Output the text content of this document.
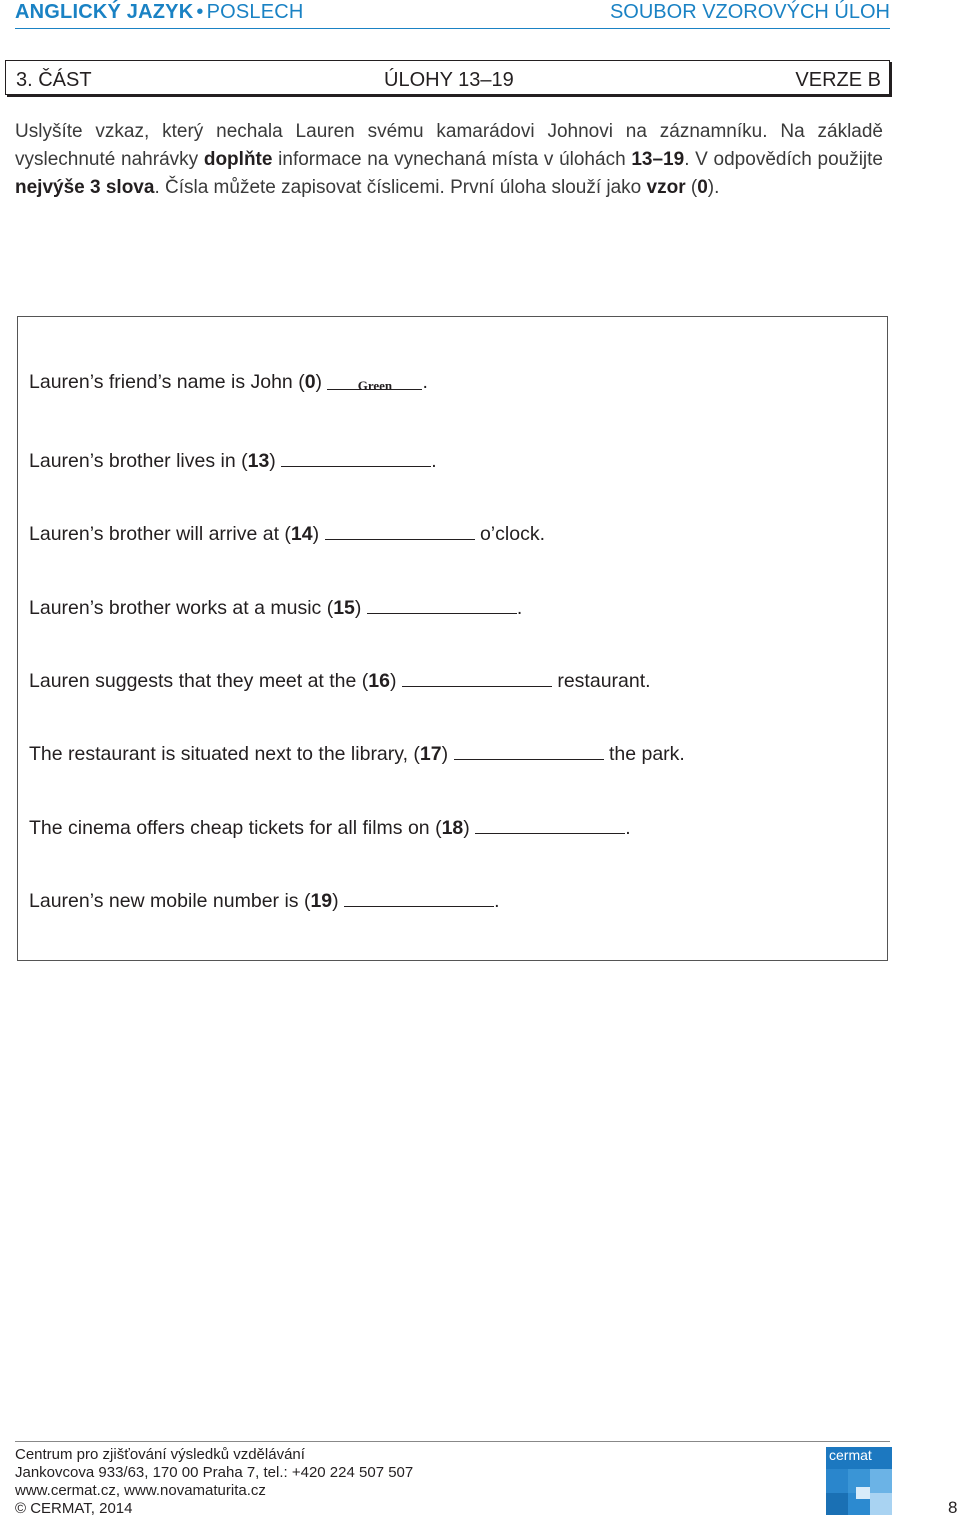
ANGLICKÝ JAZYK • POSLECH	SOUBOR VZOROVÝCH ÚLOH
3. ČÁST	ÚLOHY 13–19	VERZE B
Uslyšíte vzkaz, který nechala Lauren svému kamarádovi Johnovi na záznamníku. Na základě vyslechnuté nahrávky doplňte informace na vynechaná místa v úlohách 13–19. V odpovědích použijte nejvýše 3 slova. Čísla můžete zapisovat číslicemi. První úloha slouží jako vzor (0).
Lauren’s friend’s name is John (0) Green .
Lauren’s brother lives in (13)	.
Lauren’s brother will arrive at (14)	o’clock.
Lauren’s brother works at a music (15)	.
Lauren suggests that they meet at the (16)	restaurant.
The restaurant is situated next to the library, (17)	the park.
The cinema offers cheap tickets for all films on (18)	.
Lauren’s new mobile number is (19)	.
Centrum pro zjišťování výsledků vzdělávání
Jankovcova 933/63, 170 00 Praha 7, tel.: +420 224 507 507
www.cermat.cz, www.novamaturita.cz
© CERMAT, 2014
cermat
8
